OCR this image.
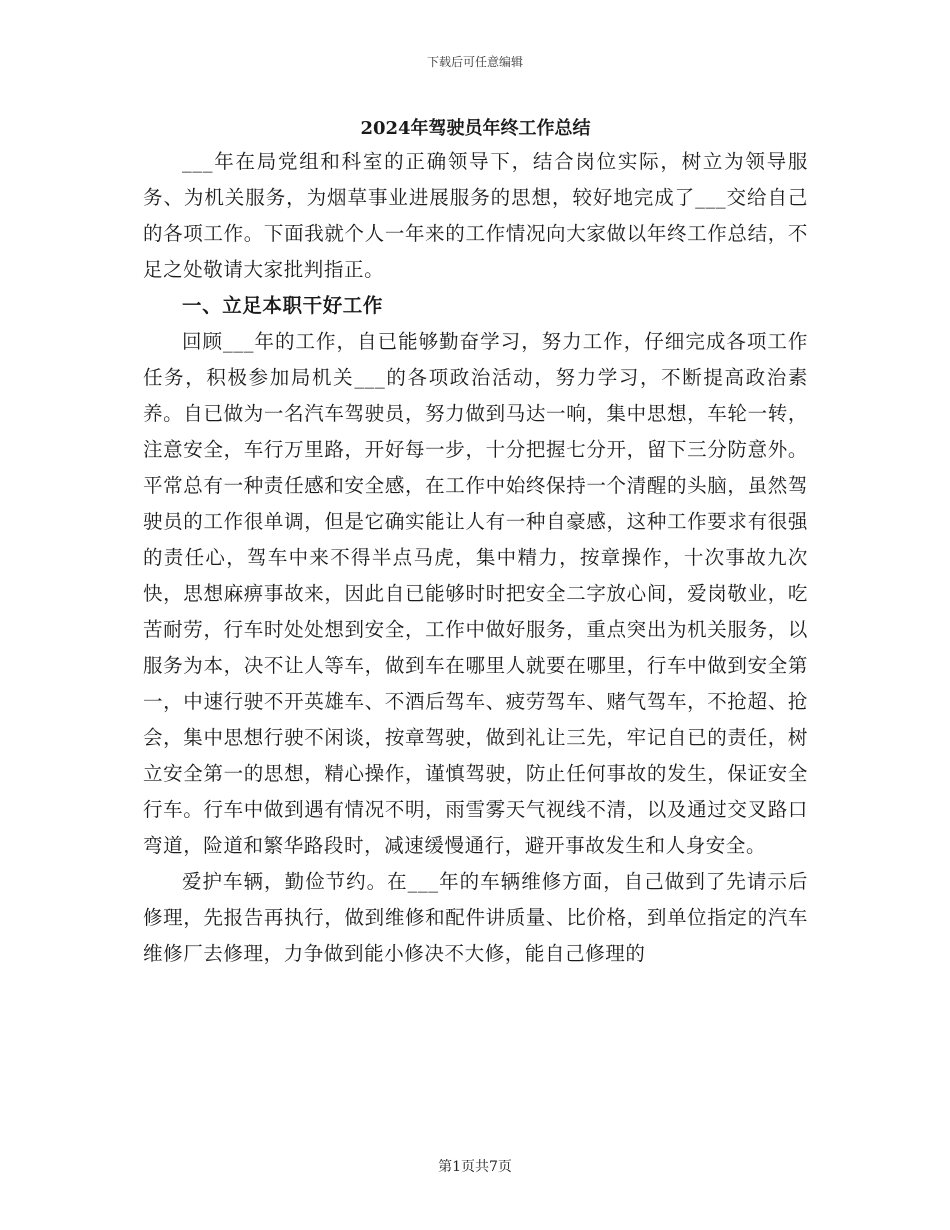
下载后可任意编辑
2024年驾驶员年终工作总结

___年在局党组和科室的正确领导下，结合岗位实际，树立为领导服务、为机关服务，为烟草事业进展服务的思想，较好地完成了___交给自己的各项工作。下面我就个人一年来的工作情况向大家做以年终工作总结，不足之处敬请大家批判指正。

一、立足本职干好工作

回顾___年的工作，自已能够勤奋学习，努力工作，仔细完成各项工作任务，积极参加局机关___的各项政治活动，努力学习，不断提高政治素养。自已做为一名汽车驾驶员，努力做到马达一响，集中思想，车轮一转，注意安全，车行万里路，开好每一步，十分把握七分开，留下三分防意外。平常总有一种责任感和安全感，在工作中始终保持一个清醒的头脑，虽然驾驶员的工作很单调，但是它确实能让人有一种自豪感，这种工作要求有很强的责任心，驾车中来不得半点马虎，集中精力，按章操作，十次事故九次快，思想麻痹事故来，因此自已能够时时把安全二字放心间，爱岗敬业，吃苦耐劳，行车时处处想到安全，工作中做好服务，重点突出为机关服务，以服务为本，决不让人等车，做到车在哪里人就要在哪里，行车中做到安全第一，中速行驶不开英雄车、不酒后驾车、疲劳驾车、赌气驾车，不抢超、抢会，集中思想行驶不闲谈，按章驾驶，做到礼让三先，牢记自已的责任，树立安全第一的思想，精心操作，谨慎驾驶，防止任何事故的发生，保证安全行车。行车中做到遇有情况不明，雨雪雾天气视线不清，以及通过交叉路口弯道，险道和繁华路段时，减速缓慢通行，避开事故发生和人身安全。

爱护车辆，勤俭节约。在___年的车辆维修方面，自己做到了先请示后修理，先报告再执行，做到维修和配件讲质量、比价格，到单位指定的汽车维修厂去修理，力争做到能小修决不大修，能自己修理的

第1页共7页
